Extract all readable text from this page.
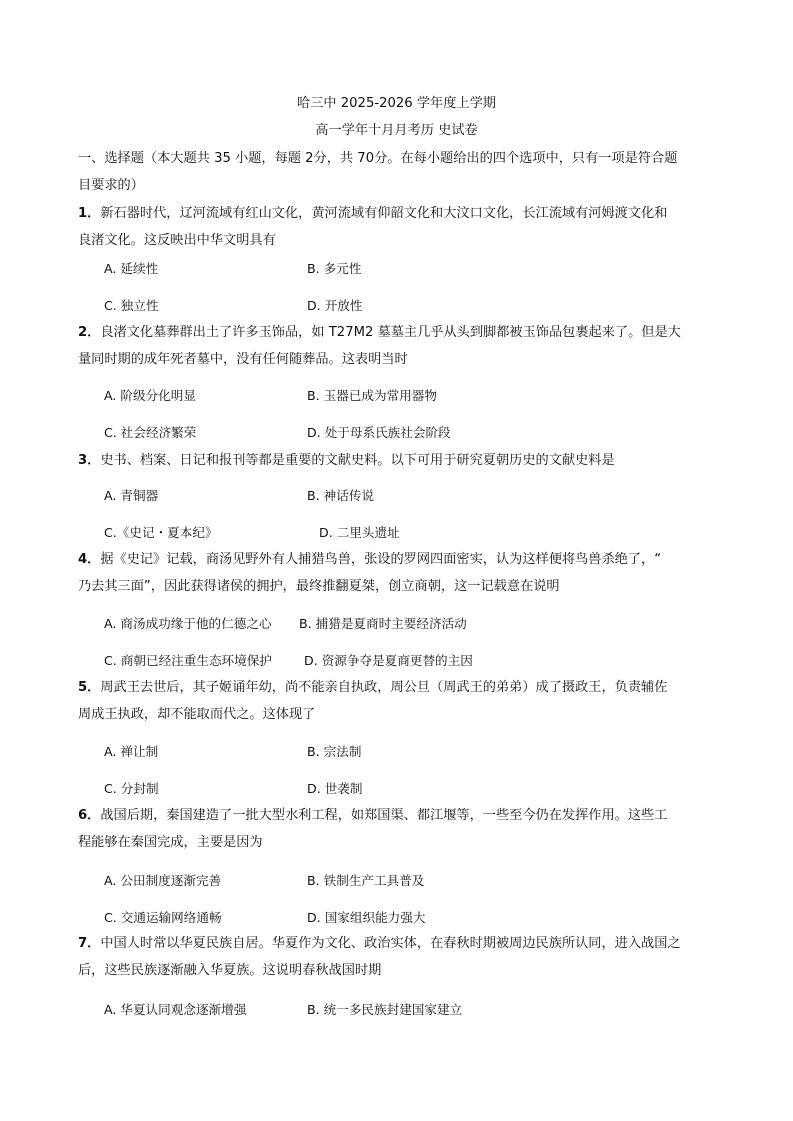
哈三中 2025-2026 学年度上学期
高一学年十月月考历 史试卷
一、选择题（本大题共 35 小题，每题 2分，共 70分。在每小题给出的四个选项中，只有一项是符合题
目要求的）
1．新石器时代，辽河流域有红山文化，黄河流域有仰韶文化和大汶口文化，长江流域有河姆渡文化和
良渚文化。这反映出中华文明具有
A. 延续性	B. 多元性
C. 独立性	D. 开放性
2．良渚文化墓葬群出土了许多玉饰品，如 T27M2 墓墓主几乎从头到脚都被玉饰品包裹起来了。但是大
量同时期的成年死者墓中，没有任何随葬品。这表明当时
A. 阶级分化明显	B. 玉器已成为常用器物
C. 社会经济繁荣	D. 处于母系氏族社会阶段
3．史书、档案、日记和报刊等都是重要的文献史料。以下可用于研究夏朝历史的文献史料是
A. 青铜器	B. 神话传说
C.《史记・夏本纪》	D. 二里头遗址
4．据《史记》记载，商汤见野外有人捕猎鸟兽，张设的罗网四面密实，认为这样便将鸟兽杀绝了，“
乃去其三面”，因此获得诸侯的拥护，最终推翻夏桀，创立商朝，这一记载意在说明
A. 商汤成功缘于他的仁德之心 B. 捕猎是夏商时主要经济活动
C. 商朝已经注重生态环境保护	D. 资源争夺是夏商更替的主因
5．周武王去世后，其子姬诵年幼，尚不能亲自执政，周公旦（周武王的弟弟）成了摄政王，负责辅佐
周成王执政，却不能取而代之。这体现了
A. 禅让制	B. 宗法制
C. 分封制	D. 世袭制
6．战国后期，秦国建造了一批大型水利工程，如郑国渠、都江堰等，一些至今仍在发挥作用。这些工
程能够在秦国完成，主要是因为
A. 公田制度逐渐完善	B. 铁制生产工具普及
C. 交通运输网络通畅	D. 国家组织能力强大
7．中国人时常以华夏民族自居。华夏作为文化、政治实体，在春秋时期被周边民族所认同，进入战国之
后，这些民族逐渐融入华夏族。这说明春秋战国时期
A. 华夏认同观念逐渐增强	B. 统一多民族封建国家建立
